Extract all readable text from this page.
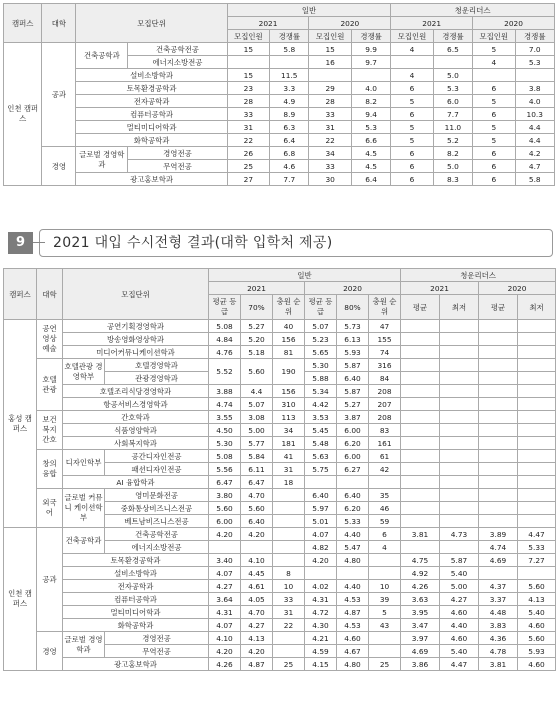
캠퍼스	대학	모집단위		일반				청운리더스			
				2021		2020		2021		2020	
				모집인원	경쟁률	모집인원	경쟁률	모집인원	경쟁률	모집인원	경쟁률
인천 캠퍼스	공과	건축공학과	건축공학전공	15	5.8	15	9.9	4	6.5	5	7.0
			에너지소방전공			16	9.7			4	5.3
		설비소방학과		15	11.5			4	5.0		
		토목환경공학과		23	3.3	29	4.0	6	5.3	6	3.8
		전자공학과		28	4.9	28	8.2	5	6.0	5	4.0
		컴퓨터공학과		33	8.9	33	9.4	6	7.7	6	10.3
		멀티미디어학과		31	6.3	31	5.3	5	11.0	5	4.4
		화학공학과		22	6.4	22	6.6	5	5.2	5	4.4
	경영	글로벌 경영학과	경영전공	26	6.8	34	4.5	6	8.2	6	4.2
			무역전공	25	4.6	33	4.5	6	5.0	6	4.7
		광고홍보학과		27	7.7	30	6.4	6	8.3	6	5.8
9	2021 대입 수시전형 결과(대학 입학처 제공)
캠퍼스	대학	모집단위		일반						청운리더스			
				2021			2020			2021		2020	
				평균 등급	70%	충원 순위	평균 등급	80%	충원 순위	평균	최저	평균	최저
홍성 캠퍼스	공연 영상 예술	공연기획경영학과		5.08	5.27	40	5.07	5.73	47				
		방송영화영상학과		4.84	5.20	156	5.23	6.13	155				
		미디어커뮤니케이션학과		4.76	5.18	81	5.65	5.93	74				
	호텔 관광	호텔관광 경영학부	호텔경영학과	5.52	5.60	190	5.30	5.87	316				
			관광경영학과				5.88	6.40	84				
		호텔조리식당경영학과		3.88	4.4	156	5.34	5.87	208				
		항공서비스경영학과		4.74	5.07	310	4.42	5.27	207				
	보건 복지 간호	간호학과		3.55	3.08	113	3.53	3.87	208				
		식품영양학과		4.50	5.00	34	5.45	6.00	83				
		사회복지학과		5.30	5.77	181	5.48	6.20	161				
	창의 융합	디자인학부	공간디자인전공	5.08	5.84	41	5.63	6.00	61				
			패션디자인전공	5.56	6.11	31	5.75	6.27	42				
		AI 융합학과		6.47	6.47	18							
	외국 어	글로벌 커뮤니 케이션학부	영미문화전공	3.80	4.70		6.40	6.40	35				
			중화통상비즈니스전공	5.60	5.60		5.97	6.20	46				
			베트남비즈니스전공	6.00	6.40		5.01	5.33	59				
인천 캠퍼스	공과	건축공학과	건축공학전공	4.20	4.20		4.07	4.40	6	3.81	4.73	3.89	4.47
			에너지소방전공				4.82	5.47	4			4.74	5.33
		토목환경공학과		3.40	4.10		4.20	4.80		4.75	5.87	4.69	7.27
		설비소방학과		4.07	4.45	8				4.92	5.40		
		전자공학과		4.27	4.61	10	4.02	4.40	10	4.26	5.00	4.37	5.60
		컴퓨터공학과		3.64	4.05	33	4.31	4.53	39	3.63	4.27	3.37	4.13
		멀티미디어학과		4.31	4.70	31	4.72	4.87	5	3.95	4.60	4.48	5.40
		화학공학과		4.07	4.27	22	4.30	4.53	43	3.47	4.40	3.83	4.60
	경영	글로벌 경영학과	경영전공	4.10	4.13		4.21	4.60		3.97	4.60	4.36	5.60
			무역전공	4.20	4.20		4.59	4.67		4.69	5.40	4.78	5.93
		광고홍보학과		4.26	4.87	25	4.15	4.80	25	3.86	4.47	3.81	4.60
